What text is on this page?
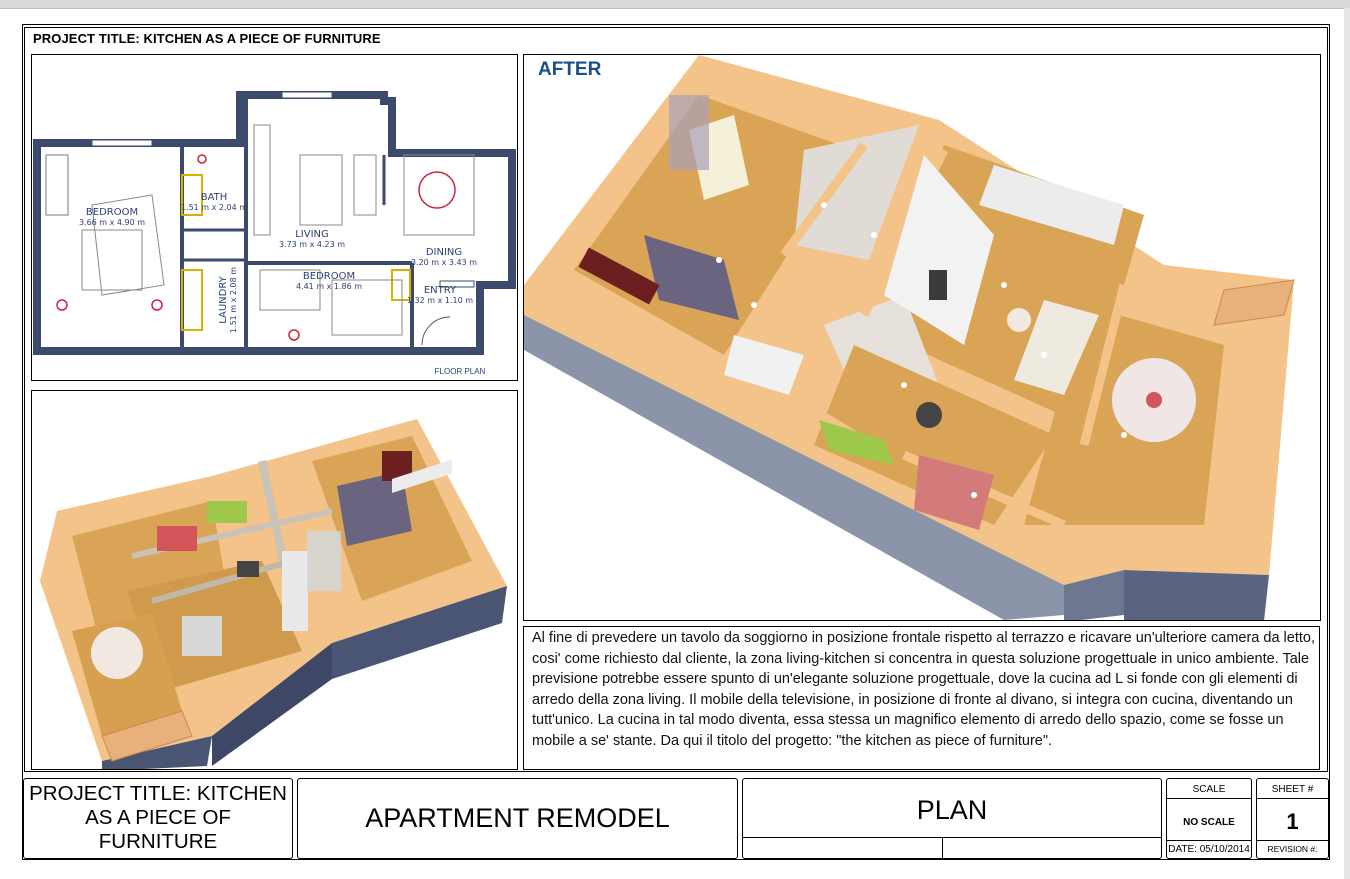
PROJECT TITLE: KITCHEN AS A PIECE OF FURNITURE
BEDROOM
3.66 m x 4.90 m
BATH
1.51 m x 2.04 m
LIVING
3.73 m x 4.23 m
DINING
3.20 m x 3.43 m
BEDROOM
4.41 m x 1.86 m
LAUNDRY 1.51 m x 2.08 m	ENTRY
1.32 m x 1.10 m
FLOOR PLAN
AFTER
Al fine di prevedere un tavolo da soggiorno in posizione frontale rispetto al terrazzo e ricavare un'ulteriore camera da letto, cosi' come richiesto dal cliente, la zona living-kitchen si concentra in questa soluzione progettuale in unico ambiente. Tale previsione potrebbe essere spunto di un'elegante soluzione progettuale, dove la cucina ad L si fonde con gli elementi di arredo della zona living. Il mobile della televisione, in posizione di fronte al divano, si integra con cucina, diventando un tutt'unico. La cucina in tal modo diventa, essa stessa un magnifico elemento di arredo dello spazio, come se fosse un mobile a se' stante. Da qui il titolo del progetto: "the kitchen as piece of furniture".
PROJECT TITLE: KITCHEN AS A PIECE OF FURNITURE
APARTMENT REMODEL	PLAN
SCALE
NO SCALE
DATE: 05/10/2014
SHEET #
1
REVISION #:
